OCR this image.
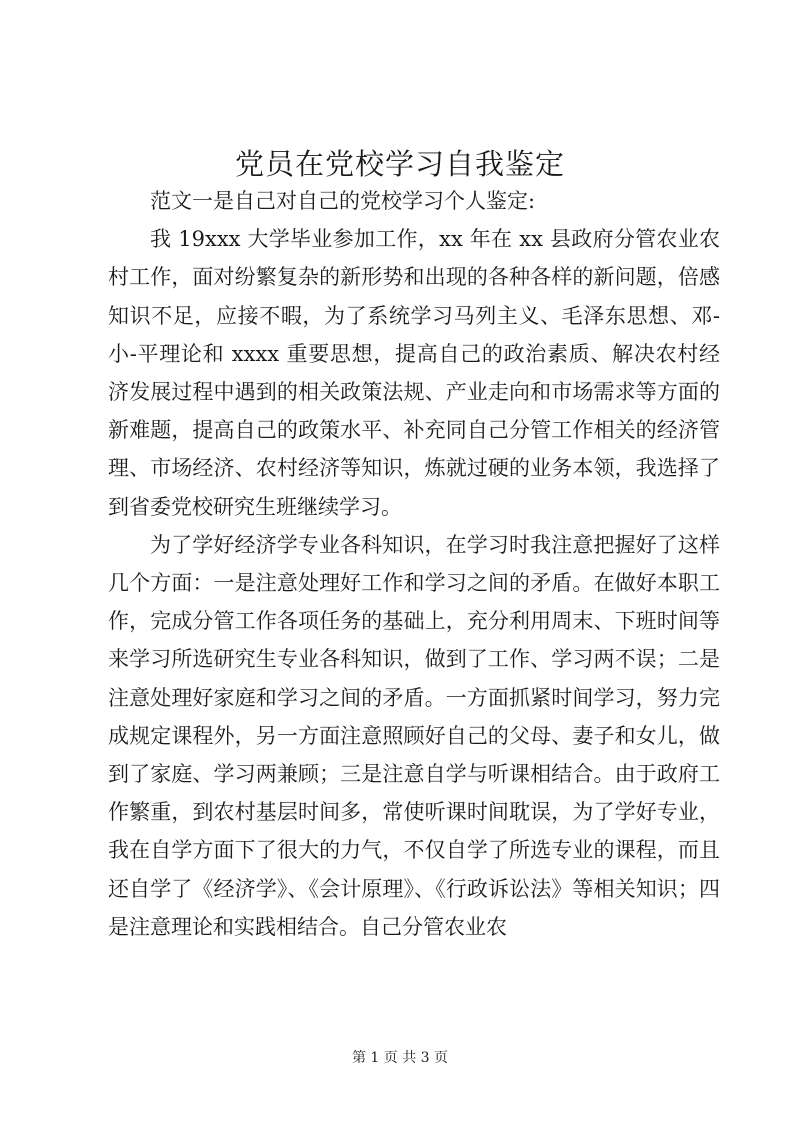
党员在党校学习自我鉴定

范文一是自己对自己的党校学习个人鉴定:

我 19xxx 大学毕业参加工作，xx 年在 xx 县政府分管农业农村工作，面对纷繁复杂的新形势和出现的各种各样的新问题，倍感知识不足，应接不暇，为了系统学习马列主义、毛泽东思想、邓-小-平理论和 xxxx 重要思想，提高自己的政治素质、解决农村经济发展过程中遇到的相关政策法规、产业走向和市场需求等方面的新难题，提高自己的政策水平、补充同自己分管工作相关的经济管理、市场经济、农村经济等知识，炼就过硬的业务本领，我选择了到省委党校研究生班继续学习。

为了学好经济学专业各科知识，在学习时我注意把握好了这样几个方面：一是注意处理好工作和学习之间的矛盾。在做好本职工作，完成分管工作各项任务的基础上，充分利用周末、下班时间等来学习所选研究生专业各科知识，做到了工作、学习两不误；二是注意处理好家庭和学习之间的矛盾。一方面抓紧时间学习，努力完成规定课程外，另一方面注意照顾好自己的父母、妻子和女儿，做到了家庭、学习两兼顾；三是注意自学与听课相结合。由于政府工作繁重，到农村基层时间多，常使听课时间耽误，为了学好专业，我在自学方面下了很大的力气，不仅自学了所选专业的课程，而且还自学了《经济学》、《会计原理》、《行政诉讼法》等相关知识；四是注意理论和实践相结合。自己分管农业农

第 1 页 共 3 页
